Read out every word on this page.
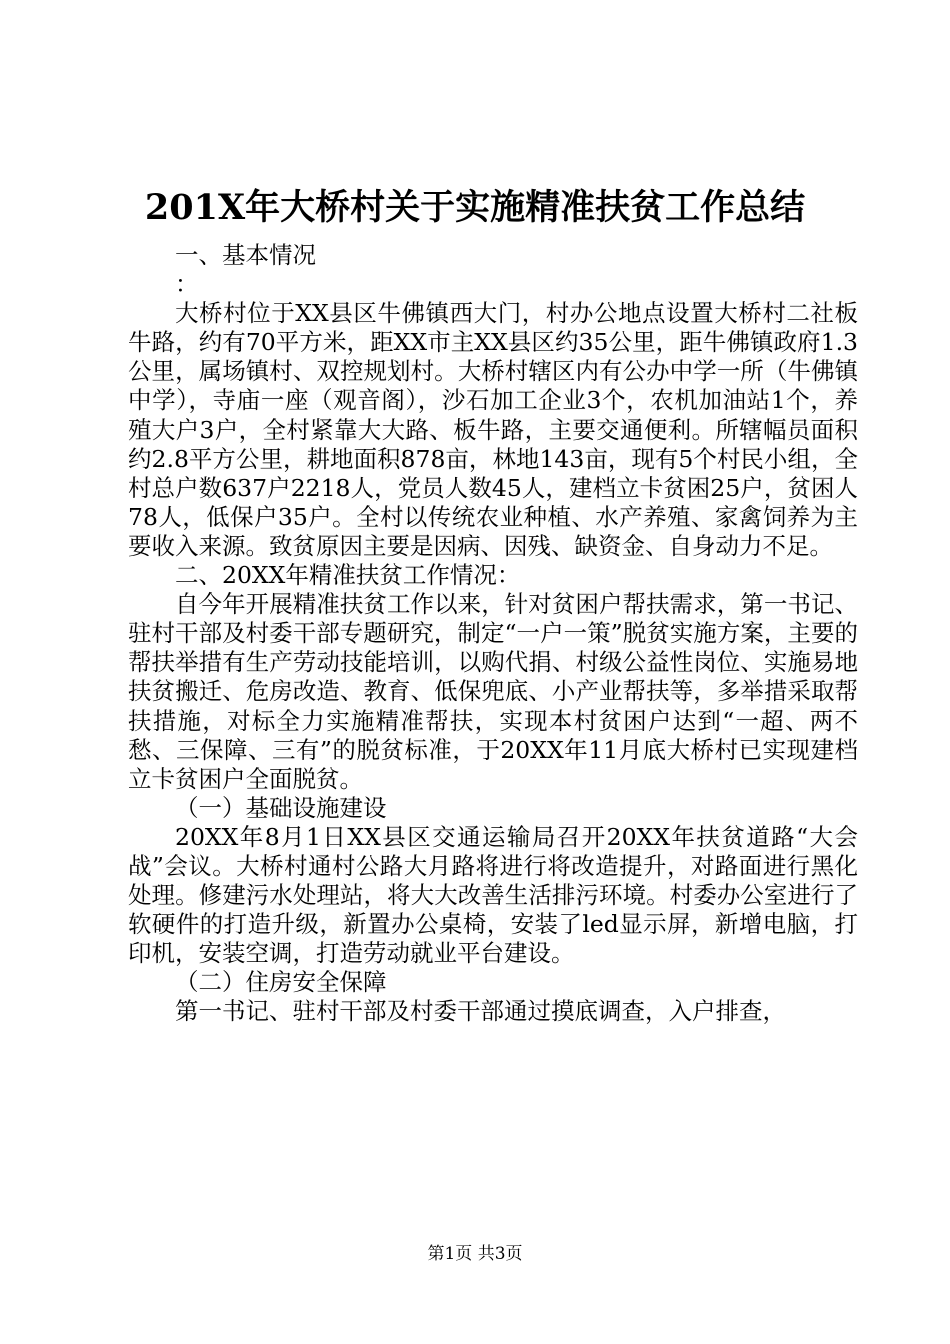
201X年大桥村关于实施精准扶贫工作总结

一、基本情况

：

大桥村位于XX县区牛佛镇西大门，村办公地点设置大桥村二社板牛路，约有70平方米，距XX市主XX县区约35公里，距牛佛镇政府1.3公里，属场镇村、双控规划村。大桥村辖区内有公办中学一所（牛佛镇中学），寺庙一座（观音阁），沙石加工企业3个，农机加油站1个，养殖大户3户，全村紧靠大大路、板牛路，主要交通便利。所辖幅员面积约2.8平方公里，耕地面积878亩，林地143亩，现有5个村民小组，全村总户数637户2218人，党员人数45人，建档立卡贫困25户，贫困人78人，低保户35户。全村以传统农业种植、水产养殖、家禽饲养为主要收入来源。致贫原因主要是因病、因残、缺资金、自身动力不足。

二、20XX年精准扶贫工作情况：

自今年开展精准扶贫工作以来，针对贫困户帮扶需求，第一书记、驻村干部及村委干部专题研究，制定“一户一策”脱贫实施方案，主要的帮扶举措有生产劳动技能培训，以购代捐、村级公益性岗位、实施易地扶贫搬迁、危房改造、教育、低保兜底、小产业帮扶等，多举措采取帮扶措施，对标全力实施精准帮扶，实现本村贫困户达到“一超、两不愁、三保障、三有”的脱贫标准，于20XX年11月底大桥村已实现建档立卡贫困户全面脱贫。

（一）基础设施建设

20XX年8月1日XX县区交通运输局召开20XX年扶贫道路“大会战”会议。大桥村通村公路大月路将进行将改造提升，对路面进行黑化处理。修建污水处理站，将大大改善生活排污环境。村委办公室进行了软硬件的打造升级，新置办公桌椅，安装了led显示屏，新增电脑，打印机，安装空调，打造劳动就业平台建设。

（二）住房安全保障

第一书记、驻村干部及村委干部通过摸底调查，入户排查，

第1页 共3页
